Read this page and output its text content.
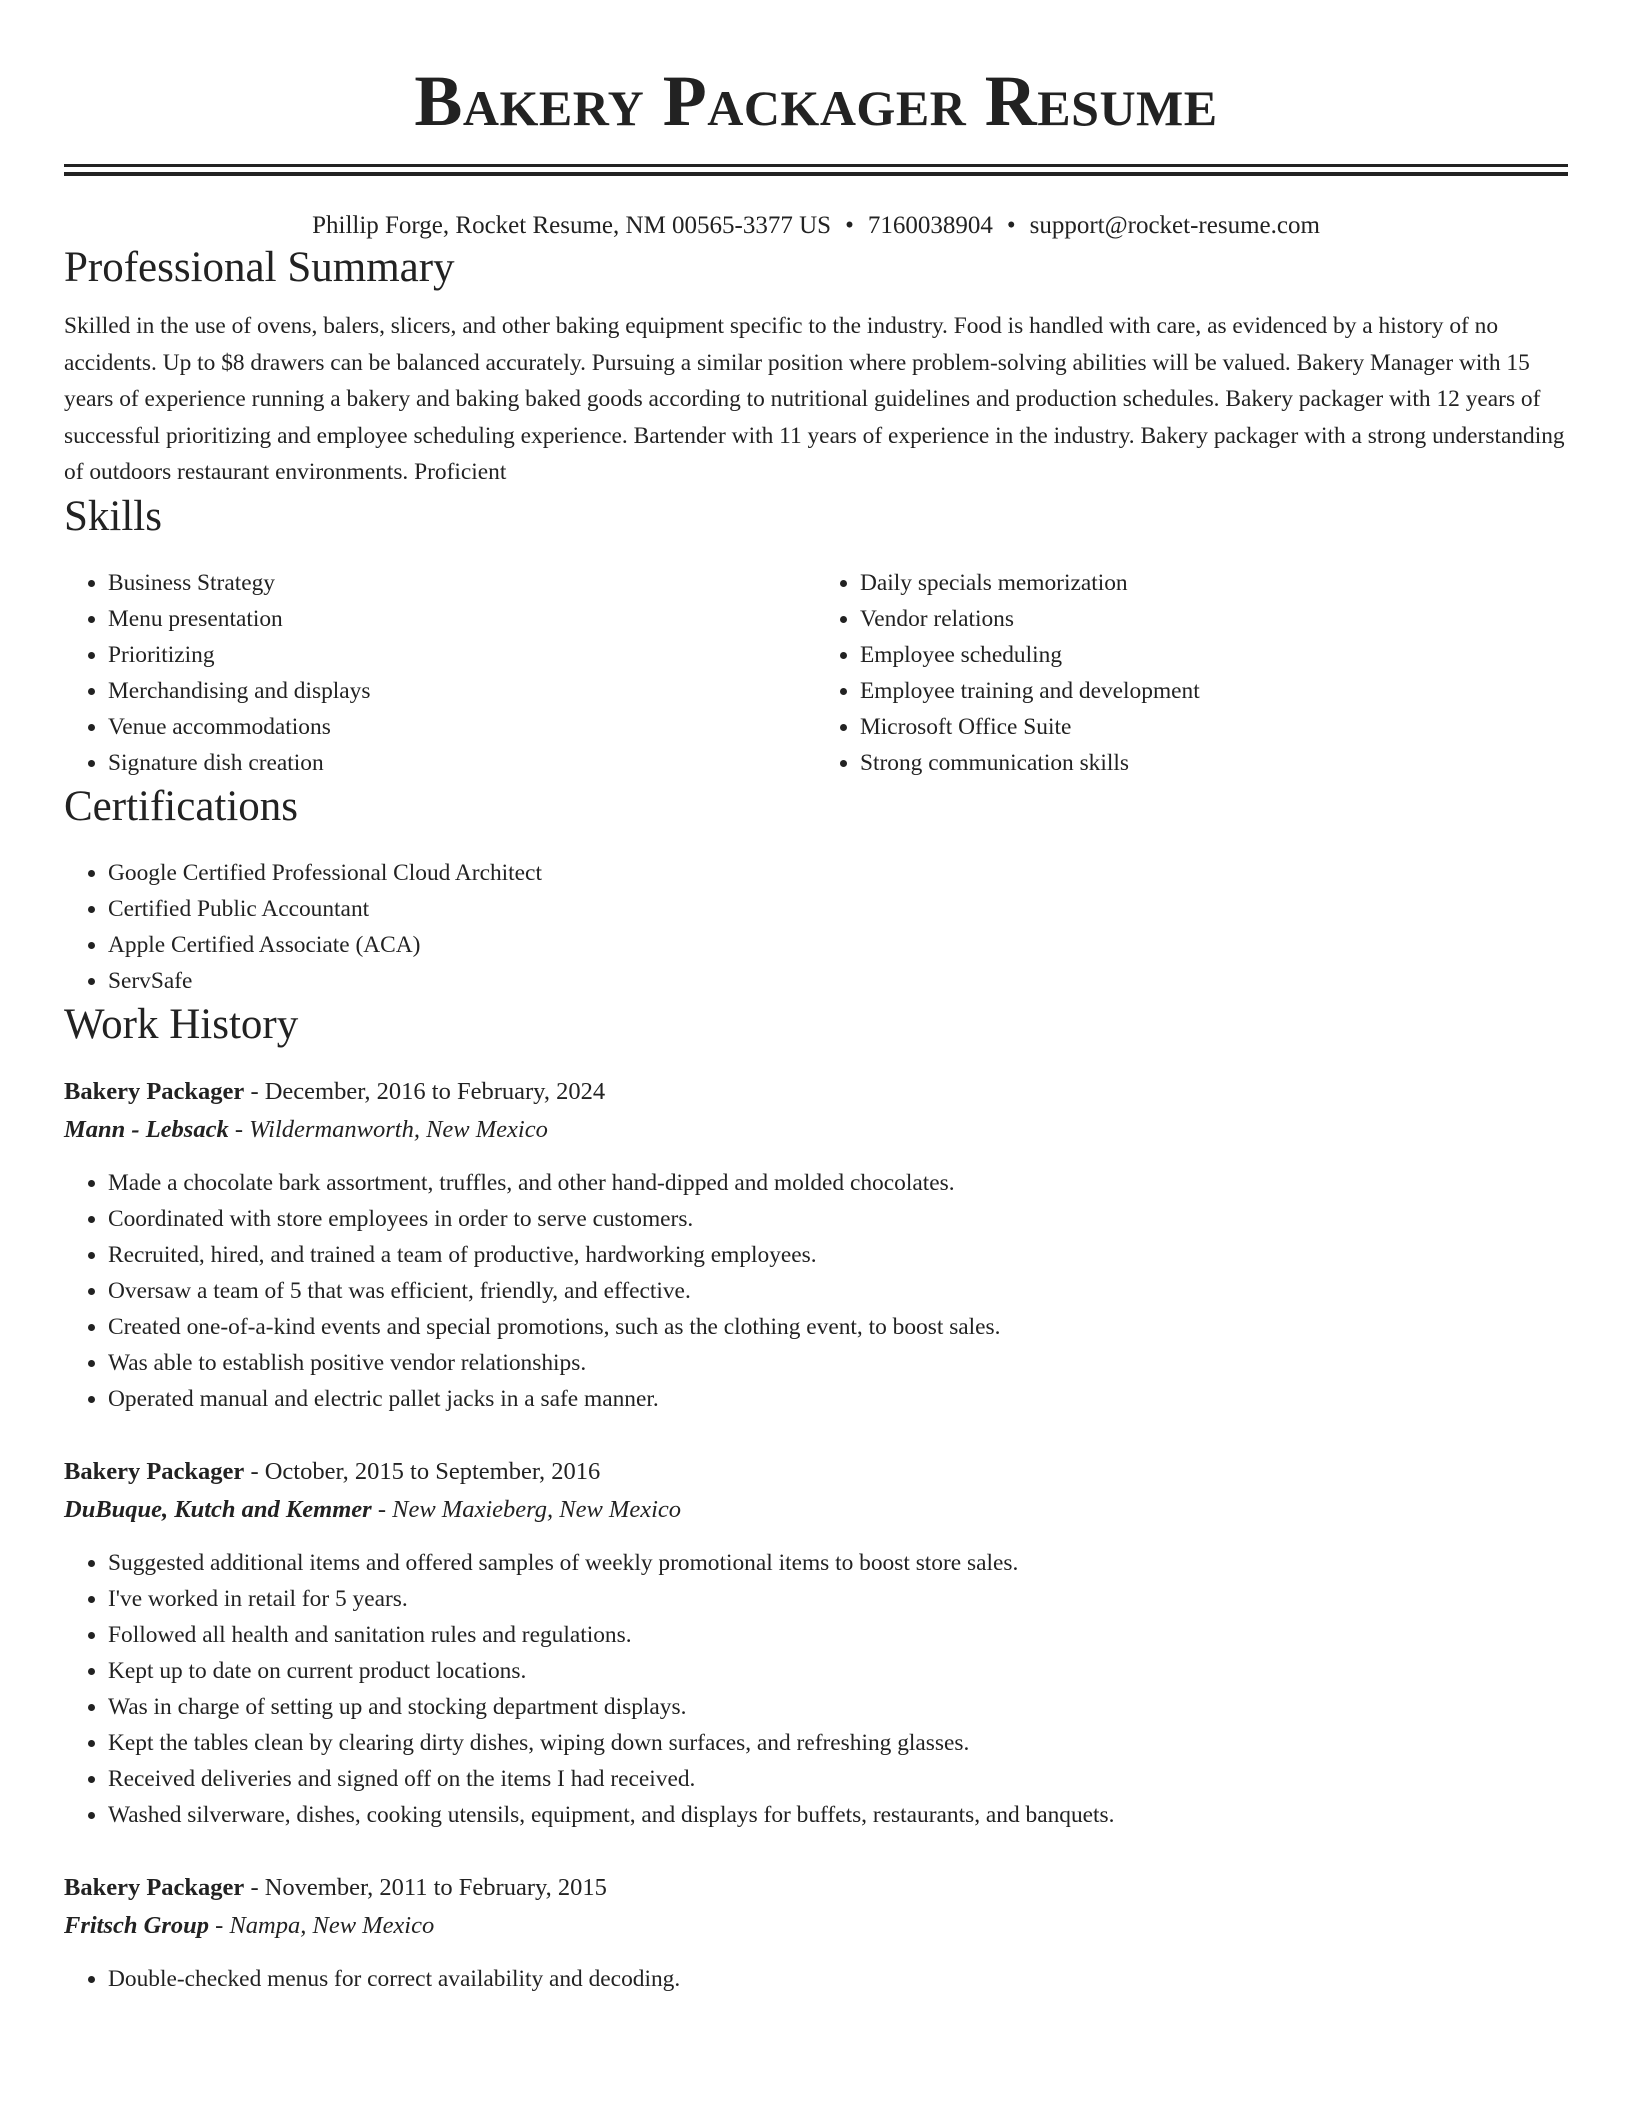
Bakery Packager Resume
Phillip Forge, Rocket Resume, NM 00565-3377 US • 7160038904 • support@rocket-resume.com
Professional Summary

Skilled in the use of ovens, balers, slicers, and other baking equipment specific to the industry. Food is handled with care, as evidenced by a history of no accidents. Up to $8 drawers can be balanced accurately. Pursuing a similar position where problem-solving abilities will be valued. Bakery Manager with 15 years of experience running a bakery and baking baked goods according to nutritional guidelines and production schedules. Bakery packager with 12 years of successful prioritizing and employee scheduling experience. Bartender with 11 years of experience in the industry. Bakery packager with a strong understanding of outdoors restaurant environments. Proficient

Skills
• Business Strategy
• Menu presentation
• Prioritizing
• Merchandising and displays
• Venue accommodations
• Signature dish creation
• Daily specials memorization
• Vendor relations
• Employee scheduling
• Employee training and development
• Microsoft Office Suite
• Strong communication skills
Certifications
• Google Certified Professional Cloud Architect
• Certified Public Accountant
• Apple Certified Associate (ACA)
• ServSafe
Work History
Bakery Packager - December, 2016 to February, 2024
Mann - Lebsack - Wildermanworth, New Mexico
• Made a chocolate bark assortment, truffles, and other hand-dipped and molded chocolates.
• Coordinated with store employees in order to serve customers.
• Recruited, hired, and trained a team of productive, hardworking employees.
• Oversaw a team of 5 that was efficient, friendly, and effective.
• Created one-of-a-kind events and special promotions, such as the clothing event, to boost sales.
• Was able to establish positive vendor relationships.
• Operated manual and electric pallet jacks in a safe manner.
Bakery Packager - October, 2015 to September, 2016
DuBuque, Kutch and Kemmer - New Maxieberg, New Mexico
• Suggested additional items and offered samples of weekly promotional items to boost store sales.
• I've worked in retail for 5 years.
• Followed all health and sanitation rules and regulations.
• Kept up to date on current product locations.
• Was in charge of setting up and stocking department displays.
• Kept the tables clean by clearing dirty dishes, wiping down surfaces, and refreshing glasses.
• Received deliveries and signed off on the items I had received.
• Washed silverware, dishes, cooking utensils, equipment, and displays for buffets, restaurants, and banquets.
Bakery Packager - November, 2011 to February, 2015
Fritsch Group - Nampa, New Mexico
• Double-checked menus for correct availability and decoding.
